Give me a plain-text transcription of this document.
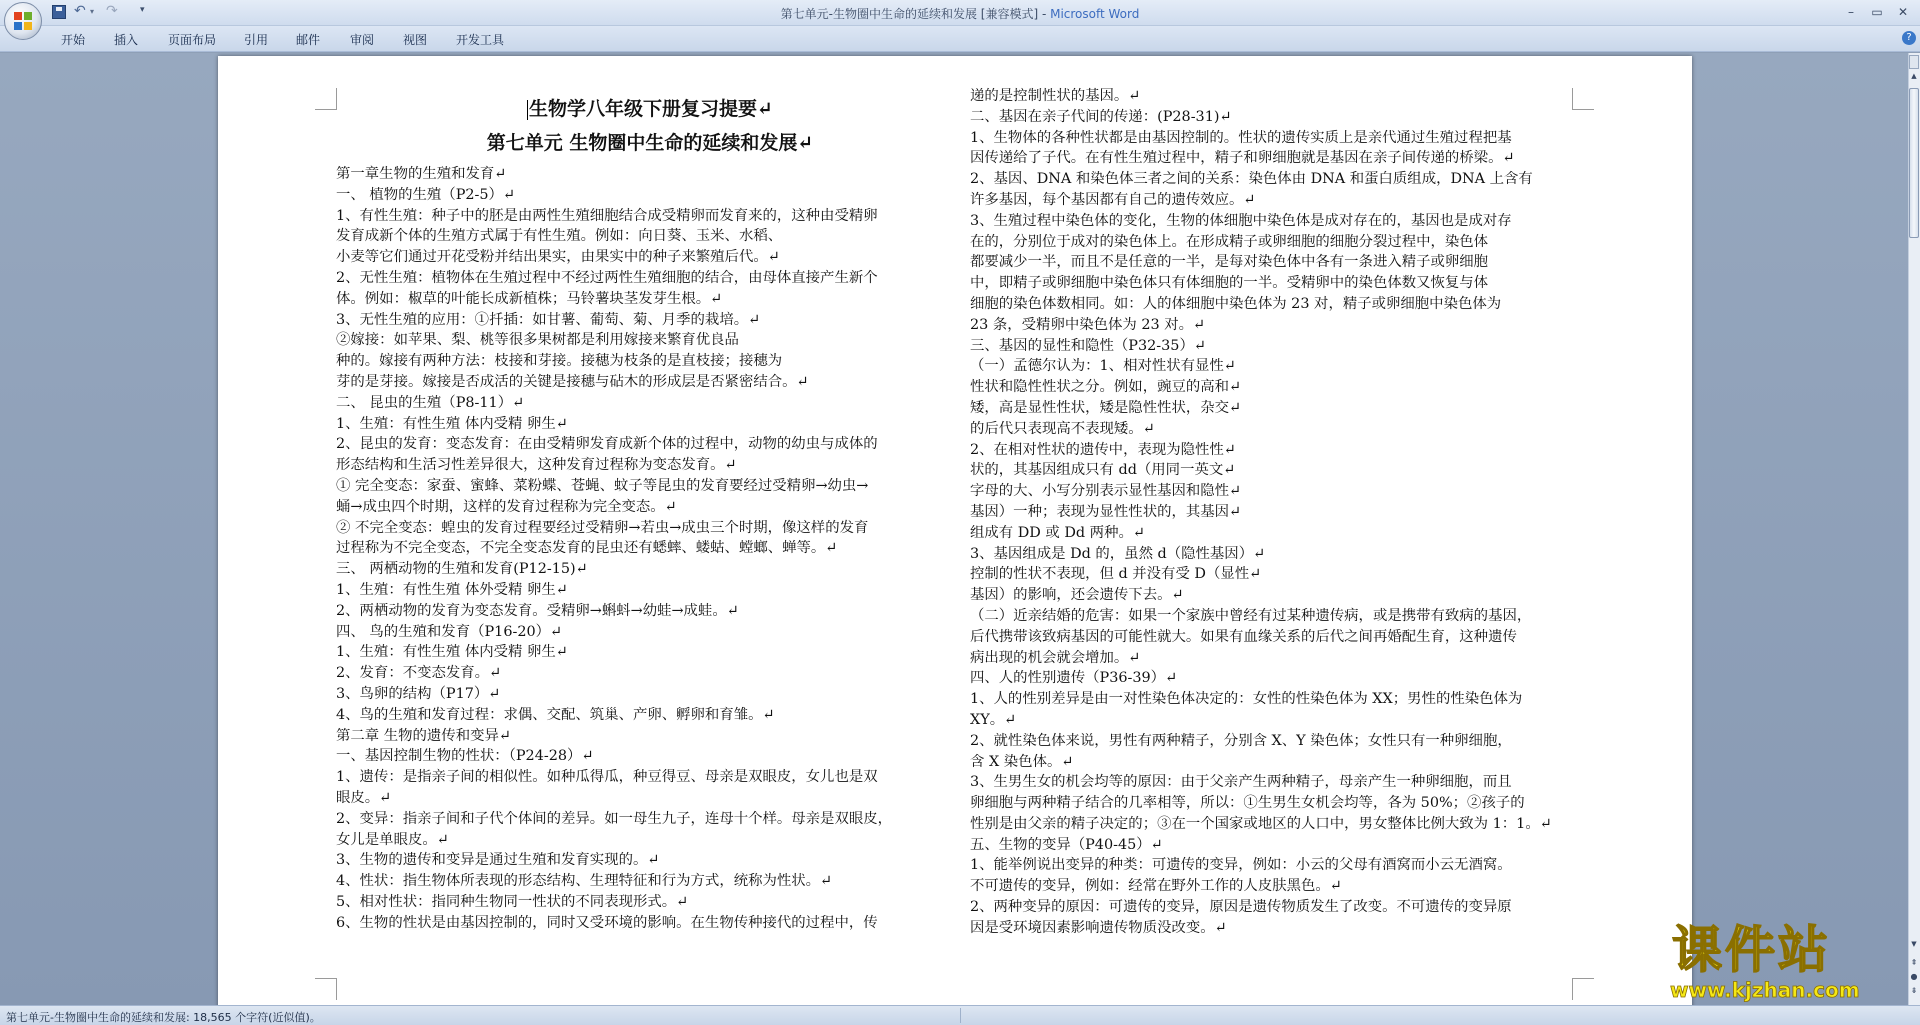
↶ ▾ ↷ ▾	第七单元-生物圈中生命的延续和发展 [兼容模式] - Microsoft Word	–	▭	✕
开始 插入 页面布局 引用 邮件 审阅 视图 开发工具	?
生物学八年级下册复习提要↵
第七单元 生物圈中生命的延续和发展↵
第一章生物的生殖和发育↵
一、 植物的生殖（P2-5）↵
1、有性生殖：种子中的胚是由两性生殖细胞结合成受精卵而发育来的，这种由受精卵
发育成新个体的生殖方式属于有性生殖。例如：向日葵、玉米、水稻、
小麦等它们通过开花受粉并结出果实，由果实中的种子来繁殖后代。↵
2、无性生殖：植物体在生殖过程中不经过两性生殖细胞的结合，由母体直接产生新个
体。例如：椒草的叶能长成新植株；马铃薯块茎发芽生根。↵
3、无性生殖的应用：①扦插：如甘薯、葡萄、菊、月季的栽培。↵
②嫁接：如苹果、梨、桃等很多果树都是利用嫁接来繁育优良品
种的。嫁接有两种方法：枝接和芽接。接穗为枝条的是直枝接；接穗为
芽的是芽接。嫁接是否成活的关键是接穗与砧木的形成层是否紧密结合。↵
二、 昆虫的生殖（P8-11）↵
1、生殖：有性生殖 体内受精 卵生↵
2、昆虫的发育：变态发育：在由受精卵发育成新个体的过程中，动物的幼虫与成体的
形态结构和生活习性差异很大，这种发育过程称为变态发育。↵
① 完全变态：家蚕、蜜蜂、菜粉蝶、苍蝇、蚊子等昆虫的发育要经过受精卵→幼虫→
蛹→成虫四个时期，这样的发育过程称为完全变态。↵
② 不完全变态：蝗虫的发育过程要经过受精卵→若虫→成虫三个时期，像这样的发育
过程称为不完全变态，不完全变态发育的昆虫还有蟋蟀、蝼蛄、螳螂、蝉等。↵
三、 两栖动物的生殖和发育(P12-15)↵
1、生殖：有性生殖 体外受精 卵生↵
2、两栖动物的发育为变态发育。受精卵→蝌蚪→幼蛙→成蛙。↵
四、 鸟的生殖和发育（P16-20）↵
1、生殖：有性生殖 体内受精 卵生↵
2、发育：不变态发育。↵
3、鸟卵的结构（P17）↵
4、鸟的生殖和发育过程：求偶、交配、筑巢、产卵、孵卵和育雏。↵
第二章 生物的遗传和变异↵
一、基因控制生物的性状：（P24-28）↵
1、遗传：是指亲子间的相似性。如种瓜得瓜，种豆得豆、母亲是双眼皮，女儿也是双
眼皮。↵
2、变异：指亲子间和子代个体间的差异。如一母生九子，连母十个样。母亲是双眼皮，
女儿是单眼皮。↵
3、生物的遗传和变异是通过生殖和发育实现的。↵
4、性状：指生物体所表现的形态结构、生理特征和行为方式，统称为性状。↵
5、相对性状：指同种生物同一性状的不同表现形式。↵
6、生物的性状是由基因控制的，同时又受环境的影响。在生物传种接代的过程中，传
递的是控制性状的基因。↵
二、基因在亲子代间的传递：(P28-31)↵
1、生物体的各种性状都是由基因控制的。性状的遗传实质上是亲代通过生殖过程把基
因传递给了子代。在有性生殖过程中，精子和卵细胞就是基因在亲子间传递的桥梁。↵
2、基因、DNA 和染色体三者之间的关系：染色体由 DNA 和蛋白质组成，DNA 上含有
许多基因，每个基因都有自己的遗传效应。↵
3、生殖过程中染色体的变化，生物的体细胞中染色体是成对存在的，基因也是成对存
在的，分别位于成对的染色体上。在形成精子或卵细胞的细胞分裂过程中，染色体
都要减少一半，而且不是任意的一半，是每对染色体中各有一条进入精子或卵细胞
中，即精子或卵细胞中染色体只有体细胞的一半。受精卵中的染色体数又恢复与体
细胞的染色体数相同。如：人的体细胞中染色体为 23 对，精子或卵细胞中染色体为
23 条，受精卵中染色体为 23 对。↵
三、基因的显性和隐性（P32-35）↵
（一）孟德尔认为：1、相对性状有显性↵
性状和隐性性状之分。例如，豌豆的高和↵
矮，高是显性性状，矮是隐性性状，杂交↵
的后代只表现高不表现矮。↵
2、在相对性状的遗传中，表现为隐性性↵
状的，其基因组成只有 dd（用同一英文↵
字母的大、小写分别表示显性基因和隐性↵
基因）一种；表现为显性性状的，其基因↵
组成有 DD 或 Dd 两种。↵
3、基因组成是 Dd 的，虽然 d（隐性基因）↵
控制的性状不表现，但 d 并没有受 D（显性↵
基因）的影响，还会遗传下去。↵
（二）近亲结婚的危害：如果一个家族中曾经有过某种遗传病，或是携带有致病的基因，
后代携带该致病基因的可能性就大。如果有血缘关系的后代之间再婚配生育，这种遗传
病出现的机会就会增加。↵
四、人的性别遗传（P36-39）↵
1、人的性别差异是由一对性染色体决定的：女性的性染色体为 XX；男性的性染色体为
XY。↵
2、就性染色体来说，男性有两种精子，分别含 X、Y 染色体；女性只有一种卵细胞，
含 X 染色体。↵
3、生男生女的机会均等的原因：由于父亲产生两种精子，母亲产生一种卵细胞，而且
卵细胞与两种精子结合的几率相等，所以：①生男生女机会均等，各为 50%；②孩子的
性别是由父亲的精子决定的；③在一个国家或地区的人口中，男女整体比例大致为 1：1。↵
五、生物的变异（P40-45）↵
1、能举例说出变异的种类：可遗传的变异，例如：小云的父母有酒窝而小云无酒窝。
不可遗传的变异，例如：经常在野外工作的人皮肤黑色。↵
2、两种变异的原因：可遗传的变异，原因是遗传物质发生了改变。不可遗传的变异原
因是受环境因素影响遗传物质没改变。↵
▲
▼
⇞
●
⇟
课件站
www.kjzhan.com
第七单元-生物圈中生命的延续和发展: 18,565 个字符(近似值)。
